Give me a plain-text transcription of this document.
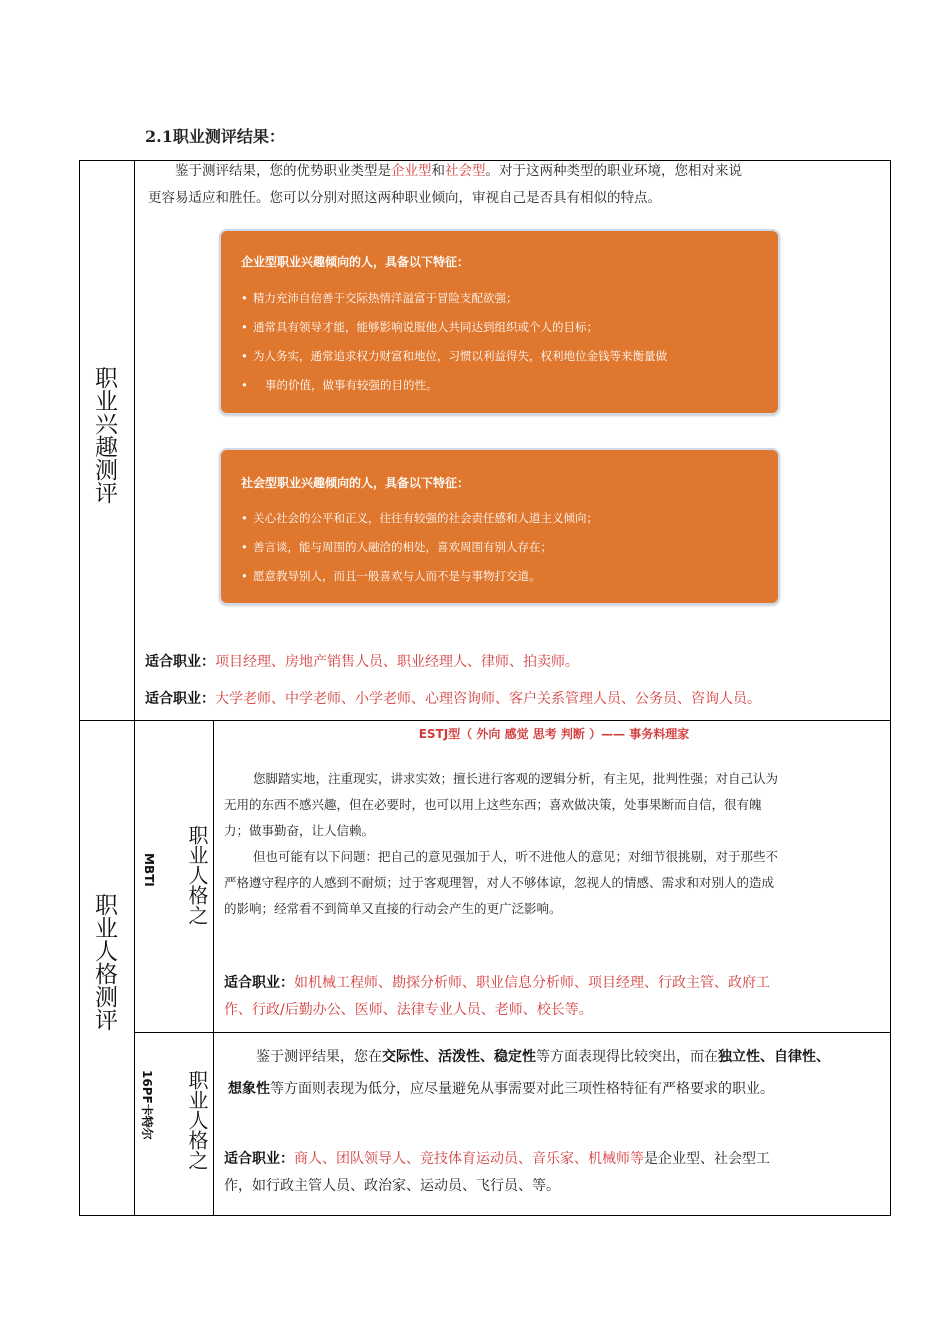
2.1职业测评结果：
职业兴趣测评
鉴于测评结果，您的优势职业类型是企业型和社会型。对于这两种类型的职业环境，您相对来说
更容易适应和胜任。您可以分别对照这两种职业倾向，审视自己是否具有相似的特点。
企业型职业兴趣倾向的人，具备以下特征：
• 精力充沛自信善于交际热情洋溢富于冒险支配欲强；
• 通常具有领导才能，能够影响说服他人共同达到组织或个人的目标；
• 为人务实，通常追求权力财富和地位，习惯以利益得失，权利地位金钱等来衡量做
• 事的价值，做事有较强的目的性。
社会型职业兴趣倾向的人，具备以下特征：
• 关心社会的公平和正义，往往有较强的社会责任感和人道主义倾向；
• 善言谈，能与周围的人融洽的相处，喜欢周围有别人存在；
• 愿意教导别人，而且一般喜欢与人而不是与事物打交道。
适合职业：项目经理、房地产销售人员、职业经理人、律师、拍卖师。
适合职业：大学老师、中学老师、小学老师、心理咨询师、客户关系管理人员、公务员、咨询人员。
职业人格测评
MBTI 职业人格之
ESTJ型（ 外向 感觉 思考 判断 ）—— 事务料理家
您脚踏实地，注重现实，讲求实效；擅长进行客观的逻辑分析，有主见，批判性强；对自己认为
无用的东西不感兴趣，但在必要时，也可以用上这些东西；喜欢做决策，处事果断而自信，很有魄
力；做事勤奋，让人信赖。
但也可能有以下问题：把自己的意见强加于人，听不进他人的意见；对细节很挑剔，对于那些不
严格遵守程序的人感到不耐烦；过于客观理智，对人不够体谅，忽视人的情感、需求和对别人的造成
的影响；经常看不到简单又直接的行动会产生的更广泛影响。
适合职业：如机械工程师、勘探分析师、职业信息分析师、项目经理、行政主管、政府工
作、行政/后勤办公、医师、法律专业人员、老师、校长等。
16PF卡特尔 职业人格之
鉴于测评结果，您在交际性、活泼性、稳定性等方面表现得比较突出，而在独立性、自律性、
想象性等方面则表现为低分，应尽量避免从事需要对此三项性格特征有严格要求的职业。
适合职业：商人、团队领导人、竞技体育运动员、音乐家、机械师等是企业型、社会型工
作，如行政主管人员、政治家、运动员、飞行员、等。
